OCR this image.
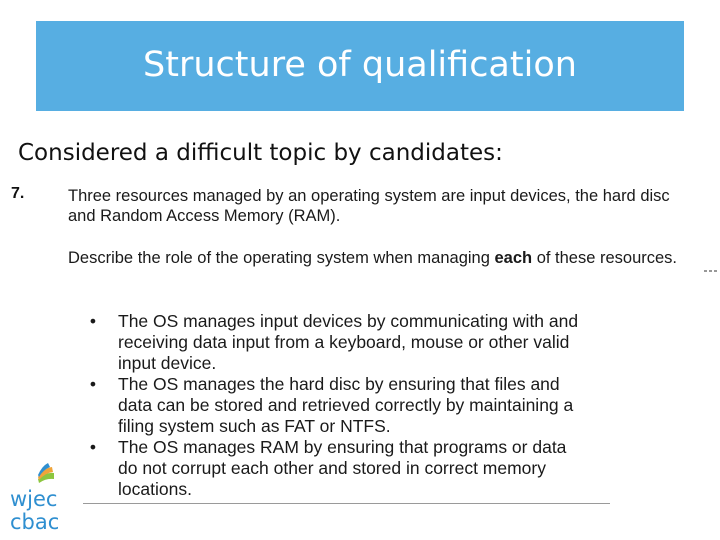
Structure of qualification
Considered a difficult topic by candidates:
7.	Three resources managed by an operating system are input devices, the hard disc
and Random Access Memory (RAM).
Describe the role of the operating system when managing each of these resources.
• The OS manages input devices by communicating with and
receiving data input from a keyboard, mouse or other valid
input device.
• The OS manages the hard disc by ensuring that files and
data can be stored and retrieved correctly by maintaining a
filing system such as FAT or NTFS.
• The OS manages RAM by ensuring that programs or data
do not corrupt each other and stored in correct memory
locations.
wjec
cbac
